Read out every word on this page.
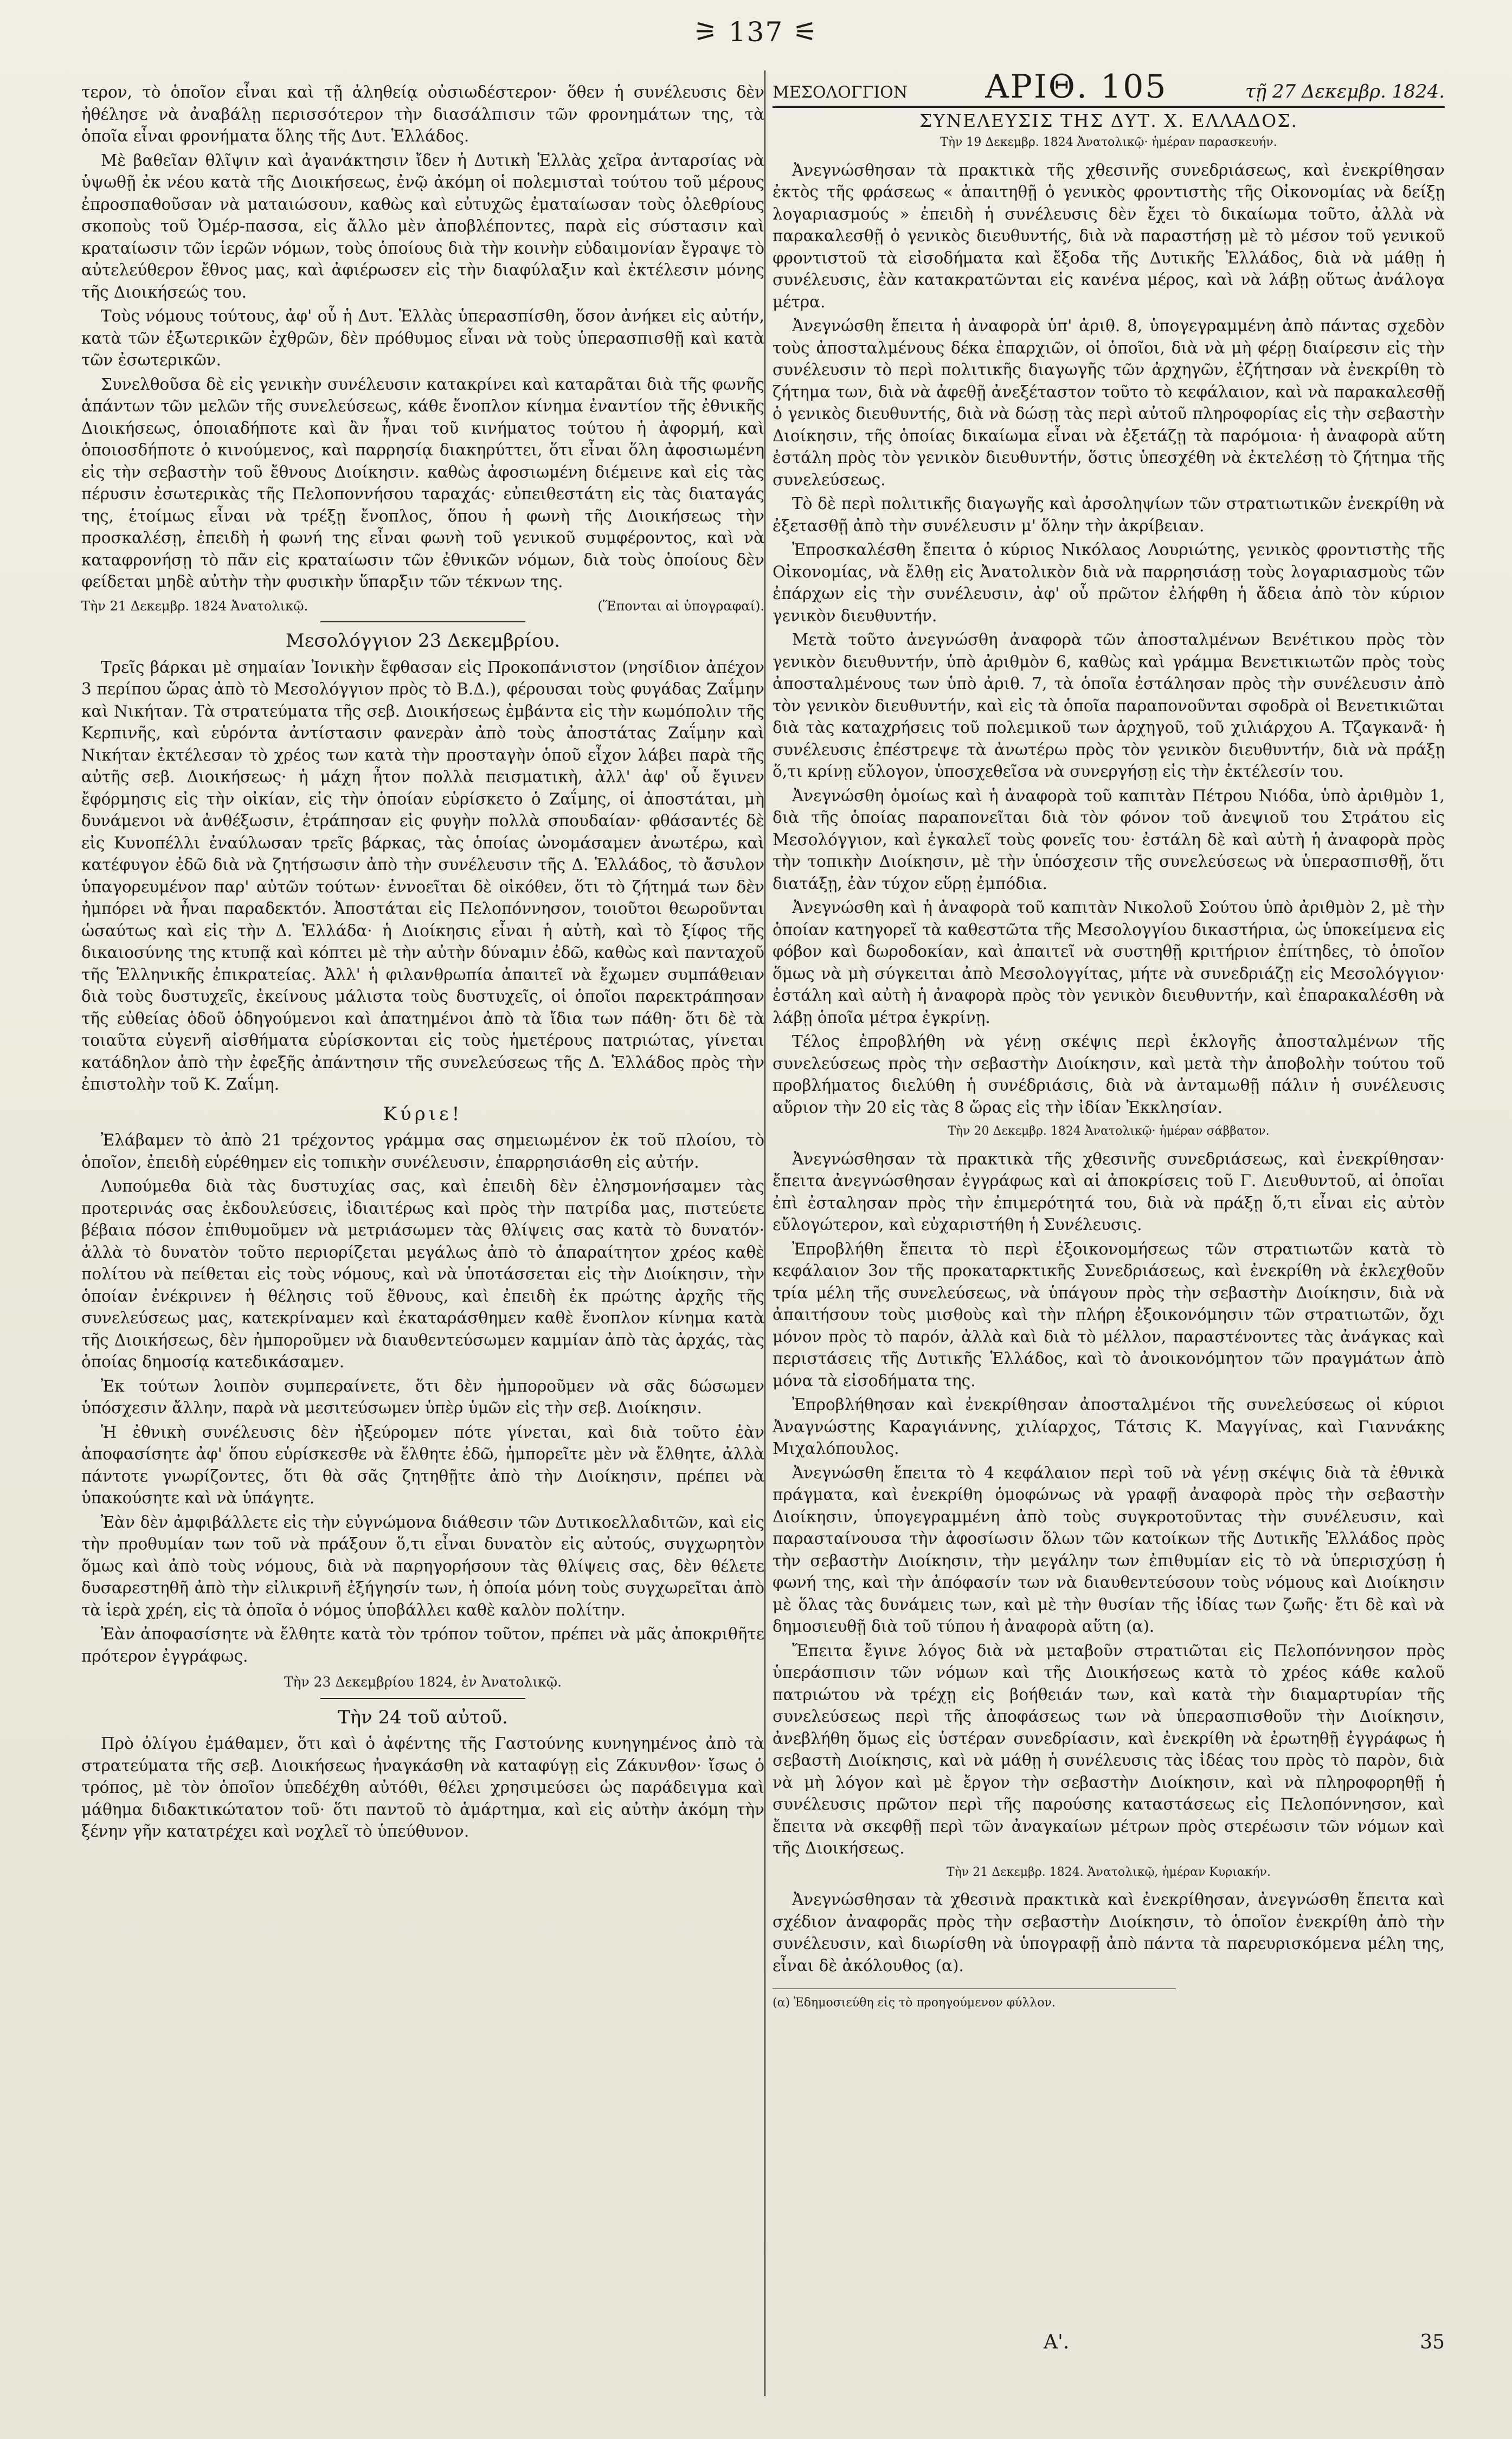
⚞ 137 ⚟

τερον, τὸ ὁποῖον εἶναι καὶ τῇ ἀληθείᾳ οὐσιωδέστερον· ὅθεν ἡ συνέλευσις δὲν ἠθέλησε νὰ ἀναβάλῃ περισσότερον τὴν διασάλπισιν τῶν φρονημάτων της, τὰ ὁποῖα εἶναι φρονήματα ὅλης τῆς Δυτ. Ἑλλάδος.

Μὲ βαθεῖαν θλῖψιν καὶ ἀγανάκτησιν ἴδεν ἡ Δυτικὴ Ἑλλὰς χεῖρα ἀνταρσίας νὰ ὑψωθῇ ἐκ νέου κατὰ τῆς Διοικήσεως, ἐνῷ ἀκόμη οἱ πολεμισταὶ τούτου τοῦ μέρους ἐπροσπαθοῦσαν νὰ ματαιώσουν, καθὼς καὶ εὐτυχῶς ἐματαίωσαν τοὺς ὀλεθρίους σκοποὺς τοῦ Ὀμέρ-πασσα, εἰς ἄλλο μὲν ἀποβλέποντες, παρὰ εἰς σύστασιν καὶ κραταίωσιν τῶν ἱερῶν νόμων, τοὺς ὁποίους διὰ τὴν κοινὴν εὐδαιμονίαν ἔγραψε τὸ αὐτελεύθερον ἔθνος μας, καὶ ἀφιέρωσεν εἰς τὴν διαφύλαξιν καὶ ἐκτέλεσιν μόνης τῆς Διοικήσεώς του.

Τοὺς νόμους τούτους, ἀφ' οὗ ἡ Δυτ. Ἑλλὰς ὑπερασπίσθη, ὅσον ἀνήκει εἰς αὐτήν, κατὰ τῶν ἐξωτερικῶν ἐχθρῶν, δὲν πρόθυμος εἶναι νὰ τοὺς ὑπερασπισθῇ καὶ κατὰ τῶν ἐσωτερικῶν.

Συνελθοῦσα δὲ εἰς γενικὴν συνέλευσιν κατακρίνει καὶ καταρᾶται διὰ τῆς φωνῆς ἁπάντων τῶν μελῶν τῆς συνελεύσεως, κάθε ἔνοπλον κίνημα ἐναντίον τῆς ἐθνικῆς Διοικήσεως, ὁποιαδήποτε καὶ ἂν ἦναι τοῦ κινήματος τούτου ἡ ἀφορμή, καὶ ὁποιοσδήποτε ὁ κινούμενος, καὶ παρρησίᾳ διακηρύττει, ὅτι εἶναι ὅλη ἀφοσιωμένη εἰς τὴν σεβαστὴν τοῦ ἔθνους Διοίκησιν. καθὼς ἀφοσιωμένη διέμεινε καὶ εἰς τὰς πέρυσιν ἐσωτερικὰς τῆς Πελοποννήσου ταραχάς· εὐπειθεστάτη εἰς τὰς διαταγάς της, ἑτοίμως εἶναι νὰ τρέξῃ ἔνοπλος, ὅπου ἡ φωνὴ τῆς Διοικήσεως τὴν προσκαλέσῃ, ἐπειδὴ ἡ φωνή της εἶναι φωνὴ τοῦ γενικοῦ συμφέροντος, καὶ νὰ καταφρονήσῃ τὸ πᾶν εἰς κραταίωσιν τῶν ἐθνικῶν νόμων, διὰ τοὺς ὁποίους δὲν φείδεται μηδὲ αὐτὴν τὴν φυσικὴν ὕπαρξιν τῶν τέκνων της.

Τὴν 21 Δεκεμβρ. 1824 Ἀνατολικῷ.	(Ἕπονται αἱ ὑπογραφαί).
Μεσολόγγιον 23 Δεκεμβρίου.

Τρεῖς βάρκαι μὲ σημαίαν Ἰονικὴν ἔφθασαν εἰς Προκοπάνιστον (νησίδιον ἀπέχον 3 περίπου ὥρας ἀπὸ τὸ Μεσολόγγιον πρὸς τὸ Β.Δ.), φέρουσαι τοὺς φυγάδας Ζαΐμην καὶ Νικήταν. Τὰ στρατεύματα τῆς σεβ. Διοικήσεως ἐμβάντα εἰς τὴν κωμόπολιν τῆς Κερπινῆς, καὶ εὑρόντα ἀντίστασιν φανερὰν ἀπὸ τοὺς ἀποστάτας Ζαΐμην καὶ Νικήταν ἐκτέλεσαν τὸ χρέος των κατὰ τὴν προσταγὴν ὁποῦ εἶχον λάβει παρὰ τῆς αὐτῆς σεβ. Διοικήσεως· ἡ μάχη ἦτον πολλὰ πεισματικὴ, ἀλλ' ἀφ' οὗ ἔγινεν ἔφόρμησις εἰς τὴν οἰκίαν, εἰς τὴν ὁποίαν εὑρίσκετο ὁ Ζαΐμης, οἱ ἀποστάται, μὴ δυνάμενοι νὰ ἀνθέξωσιν, ἐτράπησαν εἰς φυγὴν πολλὰ σπουδαίαν· φθάσαντές δὲ εἰς Κυνοπέλλι ἐναύλωσαν τρεῖς βάρκας, τὰς ὁποίας ὠνομάσαμεν ἀνωτέρω, καὶ κατέφυγον ἐδῶ διὰ νὰ ζητήσωσιν ἀπὸ τὴν συνέλευσιν τῆς Δ. Ἑλλάδος, τὸ ἄσυλον ὑπαγορευμένον παρ' αὐτῶν τούτων· ἐννοεῖται δὲ οἰκόθεν, ὅτι τὸ ζήτημά των δὲν ἠμπόρει νὰ ἦναι παραδεκτόν. Ἀποστάται εἰς Πελοπόννησον, τοιοῦτοι θεωροῦνται ὡσαύτως καὶ εἰς τὴν Δ. Ἑλλάδα· ἡ Διοίκησις εἶναι ἡ αὐτὴ, καὶ τὸ ξίφος τῆς δικαιοσύνης της κτυπᾷ καὶ κόπτει μὲ τὴν αὐτὴν δύναμιν ἐδῶ, καθὼς καὶ πανταχοῦ τῆς Ἑλληνικῆς ἐπικρατείας. Ἀλλ' ἡ φιλανθρωπία ἀπαιτεῖ νὰ ἔχωμεν συμπάθειαν διὰ τοὺς δυστυχεῖς, ἐκείνους μάλιστα τοὺς δυστυχεῖς, οἱ ὁποῖοι παρεκτράπησαν τῆς εὐθείας ὁδοῦ ὁδηγούμενοι καὶ ἀπατημένοι ἀπὸ τὰ ἴδια των πάθη· ὅτι δὲ τὰ τοιαῦτα εὐγενῆ αἰσθήματα εὑρίσκονται εἰς τοὺς ἡμετέρους πατριώτας, γίνεται κατάδηλον ἀπὸ τὴν ἐφεξῆς ἀπάντησιν τῆς συνελεύσεως τῆς Δ. Ἑλλάδος πρὸς τὴν ἐπιστολὴν τοῦ Κ. Ζαΐμη.

Κύριε!

Ἐλάβαμεν τὸ ἀπὸ 21 τρέχοντος γράμμα σας σημειωμένον ἐκ τοῦ πλοίου, τὸ ὁποῖον, ἐπειδὴ εὑρέθημεν εἰς τοπικὴν συνέλευσιν, ἐπαρρησιάσθη εἰς αὐτήν.

Λυπούμεθα διὰ τὰς δυστυχίας σας, καὶ ἐπειδὴ δὲν ἐλησμονήσαμεν τὰς προτερινάς σας ἐκδουλεύσεις, ἰδιαιτέρως καὶ πρὸς τὴν πατρίδα μας, πιστεύετε βέβαια πόσον ἐπιθυμοῦμεν νὰ μετριάσωμεν τὰς θλίψεις σας κατὰ τὸ δυνατόν· ἀλλὰ τὸ δυνατὸν τοῦτο περιορίζεται μεγάλως ἀπὸ τὸ ἀπαραίτητον χρέος καθὲ πολίτου νὰ πείθεται εἰς τοὺς νόμους, καὶ νὰ ὑποτάσσεται εἰς τὴν Διοίκησιν, τὴν ὁποίαν ἐνέκρινεν ἡ θέλησις τοῦ ἔθνους, καὶ ἐπειδὴ ἐκ πρώτης ἀρχῆς τῆς συνελεύσεως μας, κατεκρίναμεν καὶ ἐκαταράσθημεν καθὲ ἔνοπλον κίνημα κατὰ τῆς Διοικήσεως, δὲν ἠμποροῦμεν νὰ διαυθεντεύσωμεν καμμίαν ἀπὸ τὰς ἀρχάς, τὰς ὁποίας δημοσίᾳ κατεδικάσαμεν.

Ἐκ τούτων λοιπὸν συμπεραίνετε, ὅτι δὲν ἠμποροῦμεν νὰ σᾶς δώσωμεν ὑπόσχεσιν ἄλλην, παρὰ νὰ μεσιτεύσωμεν ὑπὲρ ὑμῶν εἰς τὴν σεβ. Διοίκησιν.

Ἡ ἐθνικὴ συνέλευσις δὲν ἠξεύρομεν πότε γίνεται, καὶ διὰ τοῦτο ἐὰν ἀποφασίσητε ἀφ' ὅπου εὑρίσκεσθε νὰ ἔλθητε ἐδῶ, ἠμπορεῖτε μὲν νὰ ἔλθητε, ἀλλὰ πάντοτε γνωρίζοντες, ὅτι θὰ σᾶς ζητηθῇτε ἀπὸ τὴν Διοίκησιν, πρέπει νὰ ὑπακούσητε καὶ νὰ ὑπάγητε.

Ἐὰν δὲν ἀμφιβάλλετε εἰς τὴν εὐγνώμονα διάθεσιν τῶν Δυτικοελλαδιτῶν, καὶ εἰς τὴν προθυμίαν των τοῦ νὰ πράξουν ὅ,τι εἶναι δυνατὸν εἰς αὐτούς, συγχωρητὸν ὅμως καὶ ἀπὸ τοὺς νόμους, διὰ νὰ παρηγορήσουν τὰς θλίψεις σας, δὲν θέλετε δυσαρεστηθῆ ἀπὸ τὴν εἰλικρινῆ ἐξήγησίν των, ἡ ὁποία μόνη τοὺς συγχωρεῖται ἀπὸ τὰ ἱερὰ χρέη, εἰς τὰ ὁποῖα ὁ νόμος ὑποβάλλει καθὲ καλὸν πολίτην.

Ἐὰν ἀποφασίσητε νὰ ἔλθητε κατὰ τὸν τρόπον τοῦτον, πρέπει νὰ μᾶς ἀποκριθῆτε πρότερον ἐγγράφως.

Τὴν 23 Δεκεμβρίου 1824, ἐν Ἀνατολικῷ.
Τὴν 24 τοῦ αὐτοῦ.

Πρὸ ὀλίγου ἐμάθαμεν, ὅτι καὶ ὁ ἀφέντης τῆς Γαστούνης κυνηγημένος ἀπὸ τὰ στρατεύματα τῆς σεβ. Διοικήσεως ἠναγκάσθη νὰ καταφύγῃ εἰς Ζάκυνθον· ἴσως ὁ τρόπος, μὲ τὸν ὁποῖον ὑπεδέχθη αὐτόθι, θέλει χρησιμεύσει ὡς παράδειγμα καὶ μάθημα διδακτικώτατον τοῦ· ὅτι παντοῦ τὸ ἁμάρτημα, καὶ εἰς αὐτὴν ἀκόμη τὴν ξένην γῆν κατατρέχει καὶ νοχλεῖ τὸ ὑπεύθυνον.

ΜΕΣΟΛΟΓΓΙΟΝ ΑΡΙΘ. 105	τῇ 27 Δεκεμβρ. 1824.
ΣΥΝΕΛΕΥΣΙΣ ΤΗΣ ΔΥΤ. Χ. ΕΛΛΑΔΟΣ.
Τὴν 19 Δεκεμβρ. 1824 Ἀνατολικῷ· ἡμέραν παρασκευήν.

Ἀνεγνώσθησαν τὰ πρακτικὰ τῆς χθεσινῆς συνεδριάσεως, καὶ ἐνεκρίθησαν ἐκτὸς τῆς φράσεως « ἀπαιτηθῇ ὁ γενικὸς φροντιστὴς τῆς Οἰκονομίας νὰ δείξῃ λογαριασμούς » ἐπειδὴ ἡ συνέλευσις δὲν ἔχει τὸ δικαίωμα τοῦτο, ἀλλὰ νὰ παρακαλεσθῇ ὁ γενικὸς διευθυντής, διὰ νὰ παραστήσῃ μὲ τὸ μέσον τοῦ γενικοῦ φροντιστοῦ τὰ εἰσοδήματα καὶ ἔξοδα τῆς Δυτικῆς Ἑλλάδος, διὰ νὰ μάθῃ ἡ συνέλευσις, ἐὰν κατακρατῶνται εἰς κανένα μέρος, καὶ νὰ λάβῃ οὕτως ἀνάλογα μέτρα.

Ἀνεγνώσθη ἔπειτα ἡ ἀναφορὰ ὑπ' ἀριθ. 8, ὑπογεγραμμένη ἀπὸ πάντας σχεδὸν τοὺς ἀποσταλμένους δέκα ἐπαρχιῶν, οἱ ὁποῖοι, διὰ νὰ μὴ φέρῃ διαίρεσιν εἰς τὴν συνέλευσιν τὸ περὶ πολιτικῆς διαγωγῆς τῶν ἀρχηγῶν, ἐζήτησαν νὰ ἐνεκρίθη τὸ ζήτημα των, διὰ νὰ ἀφεθῇ ἀνεξέταστον τοῦτο τὸ κεφάλαιον, καὶ νὰ παρακαλεσθῇ ὁ γενικὸς διευθυντής, διὰ νὰ δώσῃ τὰς περὶ αὐτοῦ πληροφορίας εἰς τὴν σεβαστὴν Διοίκησιν, τῆς ὁποίας δικαίωμα εἶναι νὰ ἐξετάζῃ τὰ παρόμοια· ἡ ἀναφορὰ αὕτη ἐστάλη πρὸς τὸν γενικὸν διευθυντήν, ὅστις ὑπεσχέθη νὰ ἐκτελέσῃ τὸ ζήτημα τῆς συνελεύσεως.

Τὸ δὲ περὶ πολιτικῆς διαγωγῆς καὶ ἀρσοληψίων τῶν στρατιωτικῶν ἐνεκρίθη νὰ ἐξετασθῇ ἀπὸ τὴν συνέλευσιν μ' ὅλην τὴν ἀκρίβειαν.

Ἐπροσκαλέσθη ἔπειτα ὁ κύριος Νικόλαος Λουριώτης, γενικὸς φροντιστὴς τῆς Οἰκονομίας, νὰ ἔλθῃ εἰς Ἀνατολικὸν διὰ νὰ παρρησιάσῃ τοὺς λογαριασμοὺς τῶν ἐπάρχων εἰς τὴν συνέλευσιν, ἀφ' οὗ πρῶτον ἐλήφθη ἡ ἄδεια ἀπὸ τὸν κύριον γενικὸν διευθυντήν.

Μετὰ τοῦτο ἀνεγνώσθη ἀναφορὰ τῶν ἀποσταλμένων Βενέτικου πρὸς τὸν γενικὸν διευθυντήν, ὑπὸ ἀριθμὸν 6, καθὼς καὶ γράμμα Βενετικιωτῶν πρὸς τοὺς ἀποσταλμένους των ὑπὸ ἀριθ. 7, τὰ ὁποῖα ἐστάλησαν πρὸς τὴν συνέλευσιν ἀπὸ τὸν γενικὸν διευθυντήν, καὶ εἰς τὰ ὁποῖα παραπονοῦνται σφοδρὰ οἱ Βενετικιῶται διὰ τὰς καταχρήσεις τοῦ πολεμικοῦ των ἀρχηγοῦ, τοῦ χιλιάρχου Α. Τζαγκανᾶ· ἡ συνέλευσις ἐπέστρεψε τὰ ἀνωτέρω πρὸς τὸν γενικὸν διευθυντήν, διὰ νὰ πράξῃ ὅ,τι κρίνῃ εὔλογον, ὑποσχεθεῖσα νὰ συνεργήσῃ εἰς τὴν ἐκτέλεσίν του.

Ἀνεγνώσθη ὁμοίως καὶ ἡ ἀναφορὰ τοῦ καπιτὰν Πέτρου Νιόδα, ὑπὸ ἀριθμὸν 1, διὰ τῆς ὁποίας παραπονεῖται διὰ τὸν φόνον τοῦ ἀνεψιοῦ του Στράτου εἰς Μεσολόγγιον, καὶ ἐγκαλεῖ τοὺς φονεῖς του· ἐστάλη δὲ καὶ αὐτὴ ἡ ἀναφορὰ πρὸς τὴν τοπικὴν Διοίκησιν, μὲ τὴν ὑπόσχεσιν τῆς συνελεύσεως νὰ ὑπερασπισθῇ, ὅτι διατάξῃ, ἐὰν τύχον εὕρῃ ἐμπόδια.

Ἀνεγνώσθη καὶ ἡ ἀναφορὰ τοῦ καπιτὰν Νικολοῦ Σούτου ὑπὸ ἀριθμὸν 2, μὲ τὴν ὁποίαν κατηγορεῖ τὰ καθεστῶτα τῆς Μεσολογγίου δικαστήρια, ὡς ὑποκείμενα εἰς φόβον καὶ δωροδοκίαν, καὶ ἀπαιτεῖ νὰ συστηθῇ κριτήριον ἐπίτηδες, τὸ ὁποῖον ὅμως νὰ μὴ σύγκειται ἀπὸ Μεσολογγίτας, μήτε νὰ συνεδριάζῃ εἰς Μεσολόγγιον· ἐστάλη καὶ αὐτὴ ἡ ἀναφορὰ πρὸς τὸν γενικὸν διευθυντήν, καὶ ἐπαρακαλέσθη νὰ λάβῃ ὁποῖα μέτρα ἐγκρίνῃ.

Τέλος ἐπροβλήθη νὰ γένῃ σκέψις περὶ ἐκλογῆς ἀποσταλμένων τῆς συνελεύσεως πρὸς τὴν σεβαστὴν Διοίκησιν, καὶ μετὰ τὴν ἀποβολὴν τούτου τοῦ προβλήματος διελύθη ἡ συνέδριάσις, διὰ νὰ ἀνταμωθῇ πάλιν ἡ συνέλευσις αὔριον τὴν 20 εἰς τὰς 8 ὥρας εἰς τὴν ἰδίαν Ἐκκλησίαν.

Τὴν 20 Δεκεμβρ. 1824 Ἀνατολικῷ· ἡμέραν σάββατον.

Ἀνεγνώσθησαν τὰ πρακτικὰ τῆς χθεσινῆς συνεδριάσεως, καὶ ἐνεκρίθησαν· ἔπειτα ἀνεγνώσθησαν ἐγγράφως καὶ αἱ ἀποκρίσεις τοῦ Γ. Διευθυντοῦ, αἱ ὁποῖαι ἐπὶ ἐσταλησαν πρὸς τὴν ἐπιμερότητά του, διὰ νὰ πράξῃ ὅ,τι εἶναι εἰς αὐτὸν εὔλογώτερον, καὶ εὐχαριστήθη ἡ Συνέλευσις.

Ἐπροβλήθη ἔπειτα τὸ περὶ ἐξοικονομήσεως τῶν στρατιωτῶν κατὰ τὸ κεφάλαιον 3ον τῆς προκαταρκτικῆς Συνεδριάσεως, καὶ ἐνεκρίθη νὰ ἐκλεχθοῦν τρία μέλη τῆς συνελεύσεως, νὰ ὑπάγουν πρὸς τὴν σεβαστὴν Διοίκησιν, διὰ νὰ ἀπαιτήσουν τοὺς μισθοὺς καὶ τὴν πλήρη ἐξοικονόμησιν τῶν στρατιωτῶν, ὄχι μόνον πρὸς τὸ παρόν, ἀλλὰ καὶ διὰ τὸ μέλλον, παραστένοντες τὰς ἀνάγκας καὶ περιστάσεις τῆς Δυτικῆς Ἑλλάδος, καὶ τὸ ἀνοικονόμητον τῶν πραγμάτων ἀπὸ μόνα τὰ εἰσοδήματα της.

Ἐπροβλήθησαν καὶ ἐνεκρίθησαν ἀποσταλμένοι τῆς συνελεύσεως οἱ κύριοι Ἀναγνώστης Καραγιάννης, χιλίαρχος, Τάτσις Κ. Μαγγίνας, καὶ Γιαννάκης Μιχαλόπουλος.

Ἀνεγνώσθη ἔπειτα τὸ 4 κεφάλαιον περὶ τοῦ νὰ γένῃ σκέψις διὰ τὰ ἐθνικὰ πράγματα, καὶ ἐνεκρίθη ὁμοφώνως νὰ γραφῇ ἀναφορὰ πρὸς τὴν σεβαστὴν Διοίκησιν, ὑπογεγραμμένη ἀπὸ τοὺς συγκροτοῦντας τὴν συνέλευσιν, καὶ παρασταίνουσα τὴν ἀφοσίωσιν ὅλων τῶν κατοίκων τῆς Δυτικῆς Ἑλλάδος πρὸς τὴν σεβαστὴν Διοίκησιν, τὴν μεγάλην των ἐπιθυμίαν εἰς τὸ νὰ ὑπερισχύσῃ ἡ φωνή της, καὶ τὴν ἀπόφασίν των νὰ διαυθεντεύσουν τοὺς νόμους καὶ Διοίκησιν μὲ ὅλας τὰς δυνάμεις των, καὶ μὲ τὴν θυσίαν τῆς ἰδίας των ζωῆς· ἔτι δὲ καὶ νὰ δημοσιευθῇ διὰ τοῦ τύπου ἡ ἀναφορὰ αὕτη (α).

Ἔπειτα ἔγινε λόγος διὰ νὰ μεταβοῦν στρατιῶται εἰς Πελοπόννησον πρὸς ὑπεράσπισιν τῶν νόμων καὶ τῆς Διοικήσεως κατὰ τὸ χρέος κάθε καλοῦ πατριώτου νὰ τρέχῃ εἰς βοήθειάν των, καὶ κατὰ τὴν διαμαρτυρίαν τῆς συνελεύσεως περὶ τῆς ἀποφάσεως των νὰ ὑπερασπισθοῦν τὴν Διοίκησιν, ἀνεβλήθη ὅμως εἰς ὑστέραν συνεδρίασιν, καὶ ἐνεκρίθη νὰ ἐρωτηθῇ ἐγγράφως ἡ σεβαστὴ Διοίκησις, καὶ νὰ μάθῃ ἡ συνέλευσις τὰς ἰδέας του πρὸς τὸ παρὸν, διὰ νὰ μὴ λόγον καὶ μὲ ἔργον τὴν σεβαστὴν Διοίκησιν, καὶ νὰ πληροφορηθῇ ἡ συνέλευσις πρῶτον περὶ τῆς παρούσης καταστάσεως εἰς Πελοπόννησον, καὶ ἔπειτα νὰ σκεφθῇ περὶ τῶν ἀναγκαίων μέτρων πρὸς στερέωσιν τῶν νόμων καὶ τῆς Διοικήσεως.

Τὴν 21 Δεκεμβρ. 1824. Ἀνατολικῷ, ἡμέραν Κυριακήν.

Ἀνεγνώσθησαν τὰ χθεσινὰ πρακτικὰ καὶ ἐνεκρίθησαν, ἀνεγνώσθη ἔπειτα καὶ σχέδιον ἀναφορᾶς πρὸς τὴν σεβαστὴν Διοίκησιν, τὸ ὁποῖον ἐνεκρίθη ἀπὸ τὴν συνέλευσιν, καὶ διωρίσθη νὰ ὑπογραφῇ ἀπὸ πάντα τὰ παρευρισκόμενα μέλη της, εἶναι δὲ ἀκόλουθος (α).

(α) Ἐδημοσιεύθη εἰς τὸ προηγούμενον φύλλον.
Α'.	35
